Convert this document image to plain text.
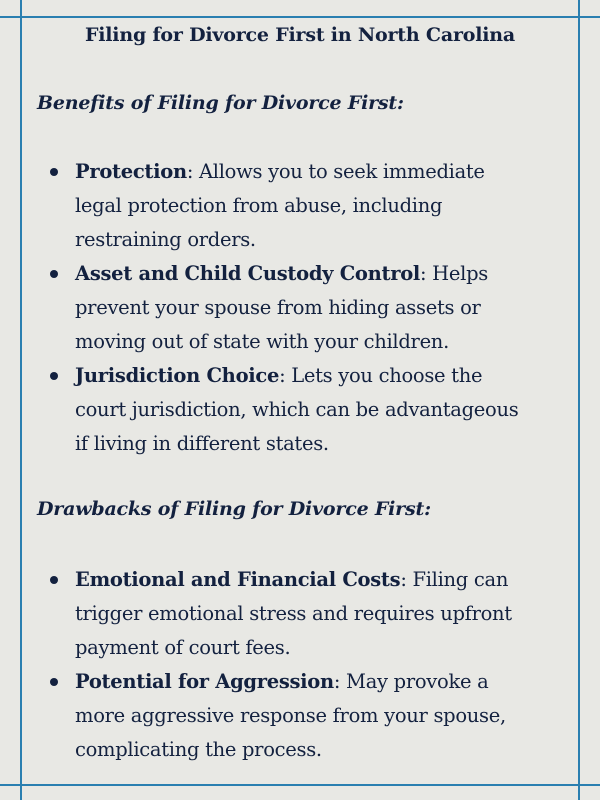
Filing for Divorce First in North Carolina
Benefits of Filing for Divorce First:
Protection: Allows you to seek immediate legal protection from abuse, including restraining orders.
Asset and Child Custody Control: Helps prevent your spouse from hiding assets or moving out of state with your children.
Jurisdiction Choice: Lets you choose the court jurisdiction, which can be advantageous if living in different states.
Drawbacks of Filing for Divorce First:
Emotional and Financial Costs: Filing can trigger emotional stress and requires upfront payment of court fees.
Potential for Aggression: May provoke a more aggressive response from your spouse, complicating the process.
